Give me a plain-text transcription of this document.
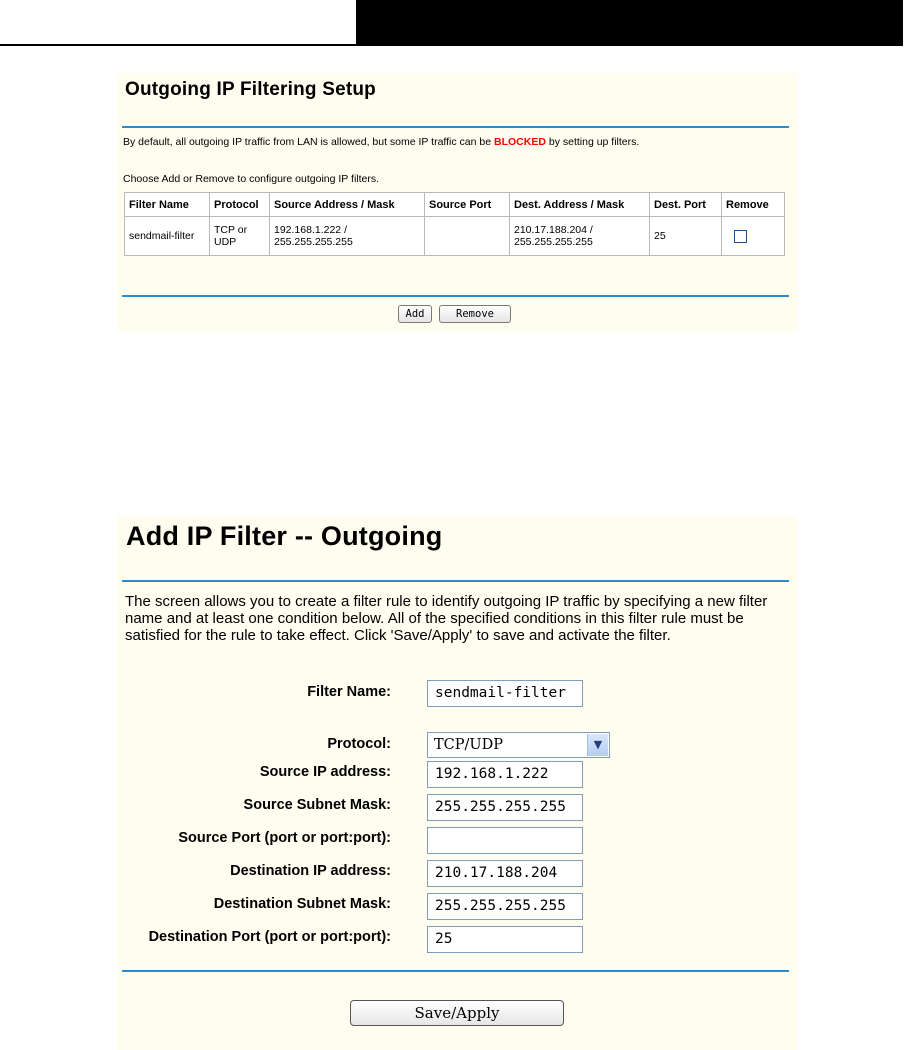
Outgoing IP Filtering Setup
By default, all outgoing IP traffic from LAN is allowed, but some IP traffic can be BLOCKED by setting up filters.
Choose Add or Remove to configure outgoing IP filters.
Filter Name	Protocol	Source Address / Mask	Source Port	Dest. Address / Mask	Dest. Port	Remove
sendmail-filter	TCP or UDP	192.168.1.222 / 255.255.255.255		210.17.188.204 / 255.255.255.255	25	
Add	Remove
Add IP Filter -- Outgoing
The screen allows you to create a filter rule to identify outgoing IP traffic by specifying a new filter name and at least one condition below. All of the specified conditions in this filter rule must be satisfied for the rule to take effect. Click 'Save/Apply' to save and activate the filter.
Filter Name:	sendmail-filter
Protocol:	TCP/UDP	▼
Source IP address:	192.168.1.222
Source Subnet Mask:	255.255.255.255
Source Port (port or port:port):
Destination IP address:	210.17.188.204
Destination Subnet Mask:	255.255.255.255
Destination Port (port or port:port):	25
Save/Apply
